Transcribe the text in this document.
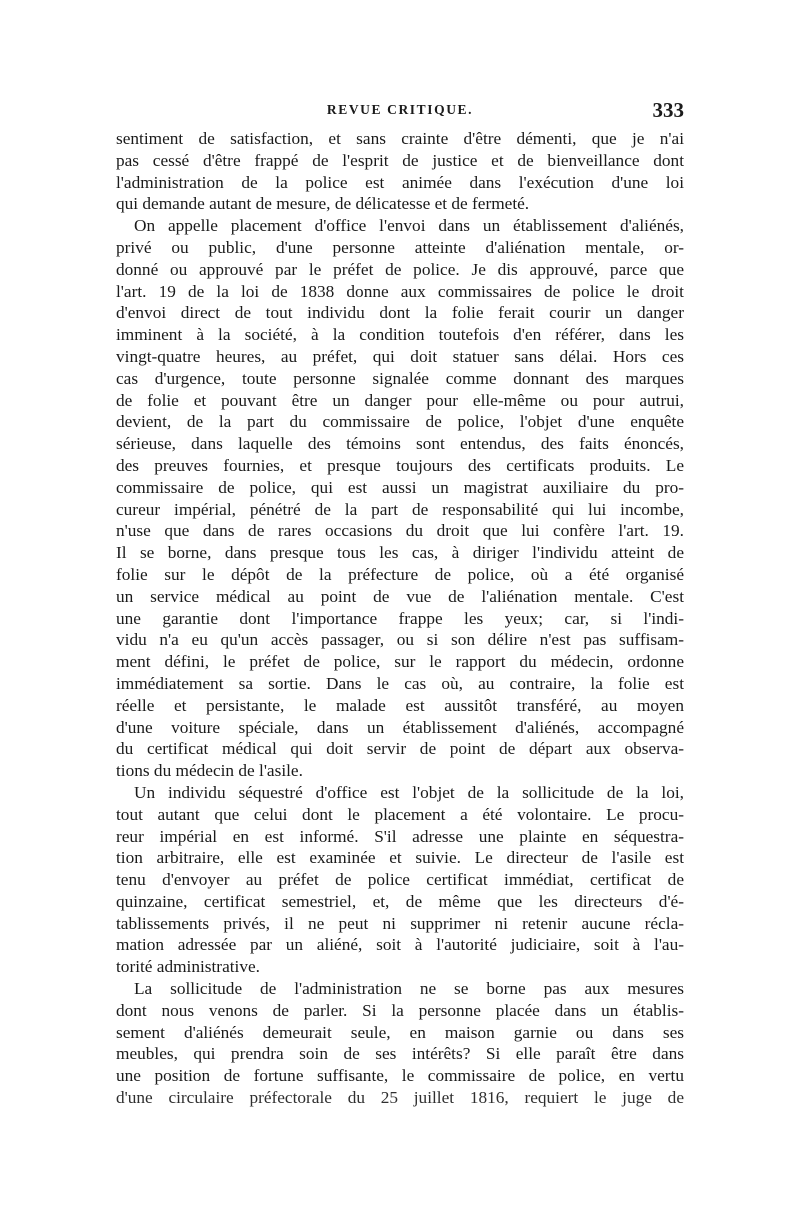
REVUE CRITIQUE.	333
sentiment de satisfaction, et sans crainte d'être démenti, que je n'ai
pas cessé d'être frappé de l'esprit de justice et de bienveillance dont
l'administration de la police est animée dans l'exécution d'une loi
qui demande autant de mesure, de délicatesse et de fermeté.
On appelle placement d'office l'envoi dans un établissement d'aliénés,
privé ou public, d'une personne atteinte d'aliénation mentale, or-
donné ou approuvé par le préfet de police. Je dis approuvé, parce que
l'art. 19 de la loi de 1838 donne aux commissaires de police le droit
d'envoi direct de tout individu dont la folie ferait courir un danger
imminent à la société, à la condition toutefois d'en référer, dans les
vingt-quatre heures, au préfet, qui doit statuer sans délai. Hors ces
cas d'urgence, toute personne signalée comme donnant des marques
de folie et pouvant être un danger pour elle-même ou pour autrui,
devient, de la part du commissaire de police, l'objet d'une enquête
sérieuse, dans laquelle des témoins sont entendus, des faits énoncés,
des preuves fournies, et presque toujours des certificats produits. Le
commissaire de police, qui est aussi un magistrat auxiliaire du pro-
cureur impérial, pénétré de la part de responsabilité qui lui incombe,
n'use que dans de rares occasions du droit que lui confère l'art. 19.
Il se borne, dans presque tous les cas, à diriger l'individu atteint de
folie sur le dépôt de la préfecture de police, où a été organisé
un service médical au point de vue de l'aliénation mentale. C'est
une garantie dont l'importance frappe les yeux; car, si l'indi-
vidu n'a eu qu'un accès passager, ou si son délire n'est pas suffisam-
ment défini, le préfet de police, sur le rapport du médecin, ordonne
immédiatement sa sortie. Dans le cas où, au contraire, la folie est
réelle et persistante, le malade est aussitôt transféré, au moyen
d'une voiture spéciale, dans un établissement d'aliénés, accompagné
du certificat médical qui doit servir de point de départ aux observa-
tions du médecin de l'asile.
Un individu séquestré d'office est l'objet de la sollicitude de la loi,
tout autant que celui dont le placement a été volontaire. Le procu-
reur impérial en est informé. S'il adresse une plainte en séquestra-
tion arbitraire, elle est examinée et suivie. Le directeur de l'asile est
tenu d'envoyer au préfet de police certificat immédiat, certificat de
quinzaine, certificat semestriel, et, de même que les directeurs d'é-
tablissements privés, il ne peut ni supprimer ni retenir aucune récla-
mation adressée par un aliéné, soit à l'autorité judiciaire, soit à l'au-
torité administrative.
La sollicitude de l'administration ne se borne pas aux mesures
dont nous venons de parler. Si la personne placée dans un établis-
sement d'aliénés demeurait seule, en maison garnie ou dans ses
meubles, qui prendra soin de ses intérêts? Si elle paraît être dans
une position de fortune suffisante, le commissaire de police, en vertu
d'une circulaire préfectorale du 25 juillet 1816, requiert le juge de
